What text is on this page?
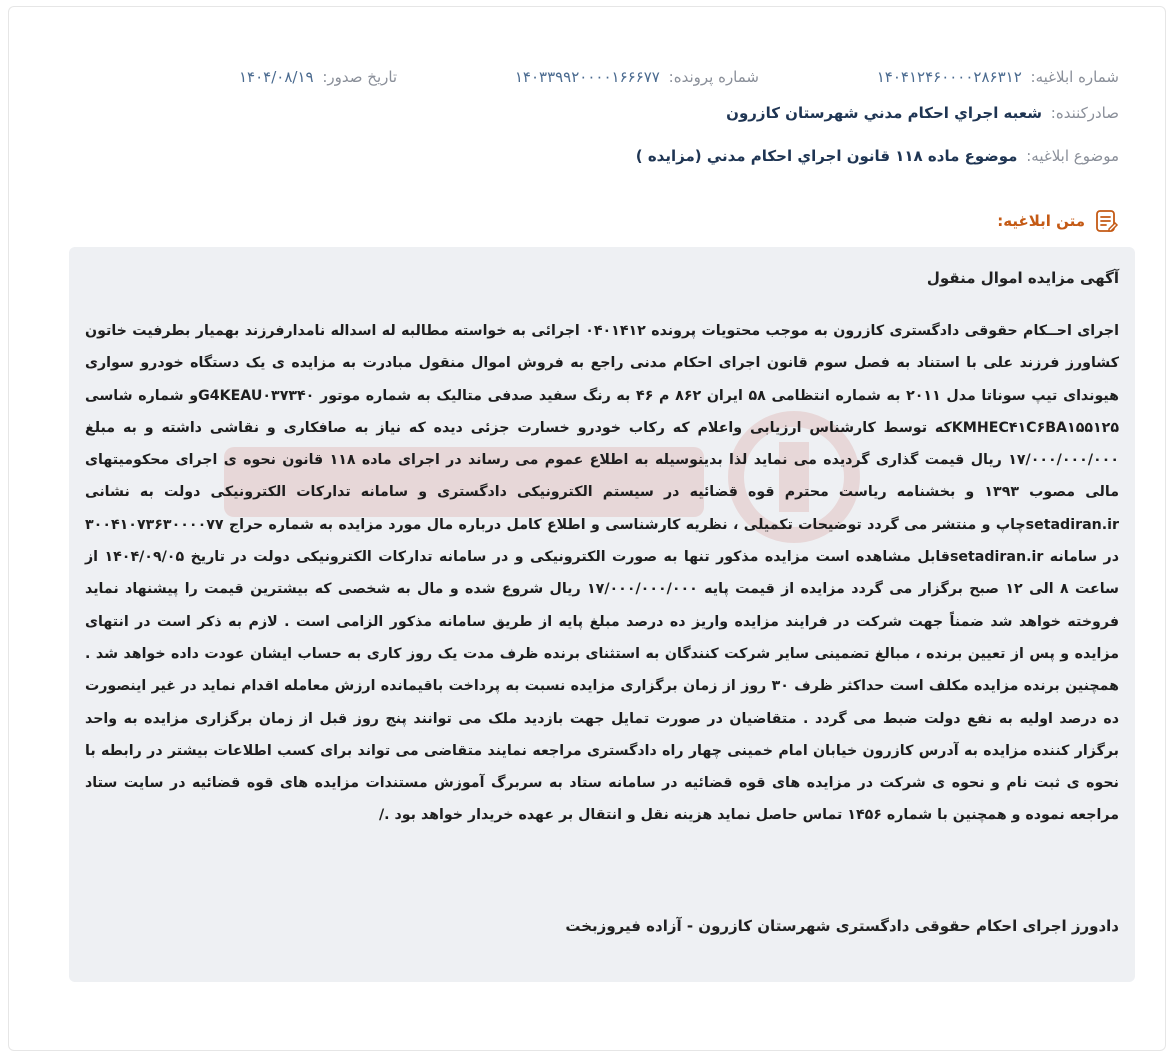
شماره ابلاغیه: ۱۴۰۴۱۲۴۶۰۰۰۰۲۸۶۳۱۲
شماره پرونده: ۱۴۰۳۳۹۹۲۰۰۰۰۱۶۶۶۷۷
تاریخ صدور: ۱۴۰۴/۰۸/۱۹
صادرکننده: شعبه اجراي احکام مدني شهرستان کازرون
موضوع ابلاغیه: موضوع ماده ۱۱۸ قانون اجراي احکام مدني (مزايده )
متن ابلاغیه:
آگهی مزایده اموال منقول
اجرای احــکام حقوقی دادگستری کازرون به موجب محتویات پرونده ۰۴۰۱۴۱۲ اجرائی به خواسته مطالبه له اسداله نامدارفرزند بهمیار بطرفیت خاتون کشاورز فرزند علی با استناد به فصل سوم قانون اجرای احکام مدنی راجع به فروش اموال منقول مبادرت به مزایده ی یک دستگاه خودرو سواری هیوندای تیپ سوناتا مدل ۲۰۱۱ به شماره انتظامی ۵۸ ایران ۸۶۲ م ۴۶ به رنگ سفید صدفی متالیک به شماره موتور G4KEAU۰۳۷۳۴۰و شماره شاسی KMHEC۴۱C۶BA۱۵۵۱۲۵که توسط کارشناس ارزیابی واعلام که رکاب خودرو خسارت جزئی دیده که نیاز به صافکاری و نقاشی داشته و به مبلغ ۱۷/۰۰۰/۰۰۰/۰۰۰ ریال قیمت گذاری گردیده می نماید لذا بدینوسیله به اطلاع عموم می رساند در اجرای ماده ۱۱۸ قانون نحوه ی اجرای محکومیتهای مالی مصوب ۱۳۹۳ و بخشنامه ریاست محترم قوه قضائیه در سیستم الکترونیکی دادگستری و سامانه تدارکات الکترونیکی دولت به نشانی setadiran.irچاپ و منتشر می گردد توضیحات تکمیلی ، نظریه کارشناسی و اطلاع کامل درباره مال مورد مزایده به شماره حراج ۳۰۰۴۱۰۷۳۶۳۰۰۰۰۷۷ در سامانه setadiran.irقابل مشاهده است مزایده مذکور تنها به صورت الکترونیکی و در سامانه تدارکات الکترونیکی دولت در تاریخ ۱۴۰۴/۰۹/۰۵ از ساعت ۸ الی ۱۲ صبح برگزار می گردد مزایده از قیمت پایه ۱۷/۰۰۰/۰۰۰/۰۰۰ ریال شروع شده و مال به شخصی که بیشترین قیمت را پیشنهاد نماید فروخته خواهد شد ضمناً جهت شرکت در فرایند مزایده واریز ده درصد مبلغ پایه از طریق سامانه مذکور الزامی است . لازم به ذکر است در انتهای مزایده و پس از تعیین برنده ، مبالغ تضمینی سایر شرکت کنندگان به استثنای برنده ظرف مدت یک روز کاری به حساب ایشان عودت داده خواهد شد . همچنین برنده مزایده مکلف است حداکثر ظرف ۳۰ روز از زمان برگزاری مزایده نسبت به پرداخت باقیمانده ارزش معامله اقدام نماید در غیر اینصورت ده درصد اولیه به نفع دولت ضبط می گردد . متقاضیان در صورت تمایل جهت بازدید ملک می توانند پنج روز قبل از زمان برگزاری مزایده به واحد برگزار کننده مزایده به آدرس کازرون خیابان امام خمینی چهار راه دادگستری مراجعه نمایند متقاضی می تواند برای کسب اطلاعات بیشتر در رابطه با نحوه ی ثبت نام و نحوه ی شرکت در مزایده های قوه قضائیه در سامانه ستاد به سربرگ آموزش مستندات مزایده های قوه قضائیه در سایت ستاد مراجعه نموده و همچنین با شماره ۱۴۵۶ تماس حاصل نماید هزینه نقل و انتقال بر عهده خریدار خواهد بود ./
دادورز اجرای احکام حقوقی دادگستری شهرستان کازرون - آزاده فیروزبخت
